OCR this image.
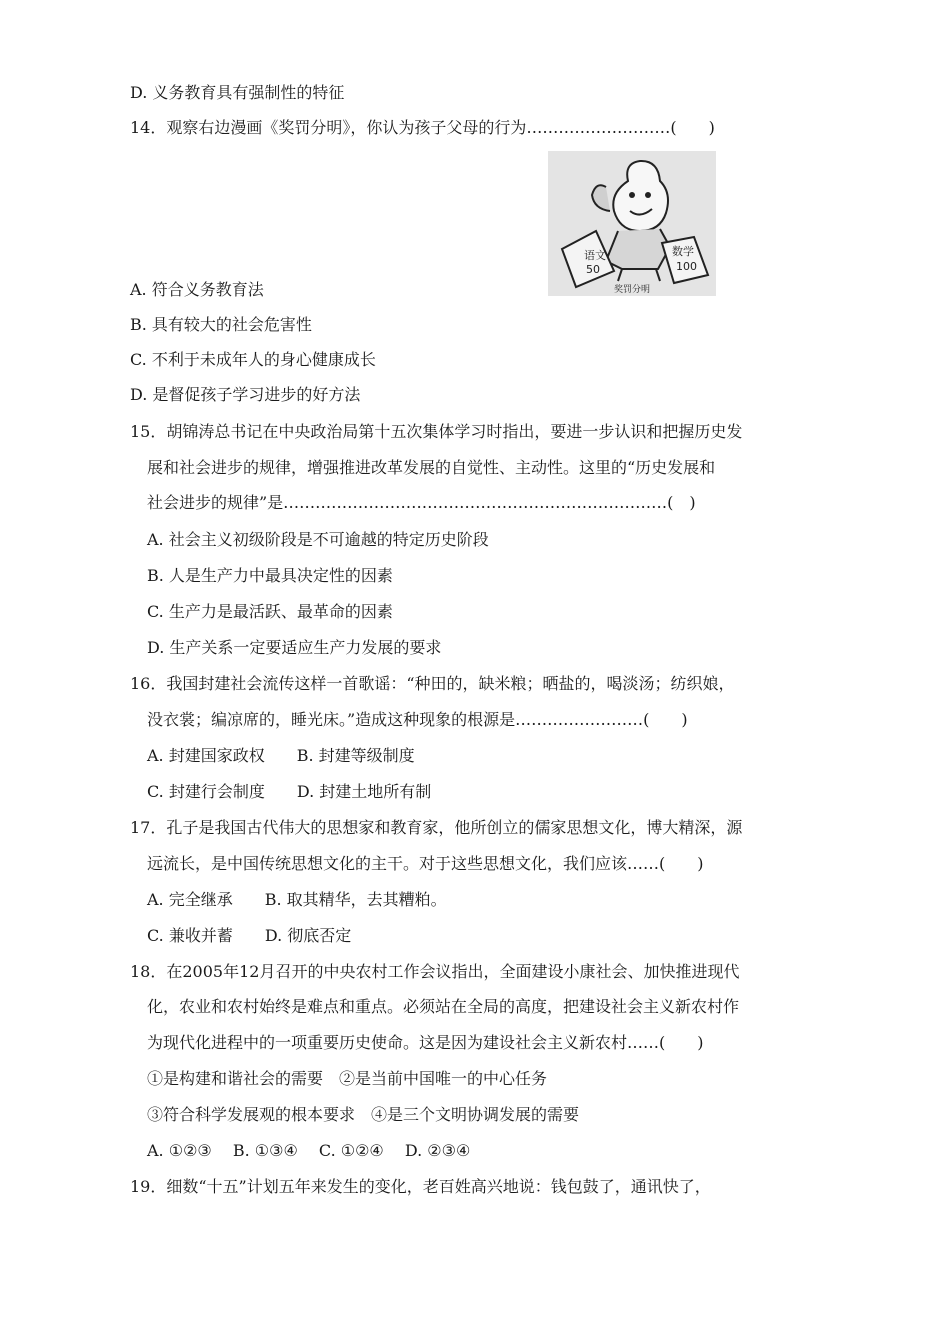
D. 义务教育具有强制性的特征
14．观察右边漫画《奖罚分明》，你认为孩子父母的行为………………………(　　)
语文
50
数学
100
奖罚分明
A. 符合义务教育法
B. 具有较大的社会危害性
C. 不利于未成年人的身心健康成长
D. 是督促孩子学习进步的好方法
15．胡锦涛总书记在中央政治局第十五次集体学习时指出，要进一步认识和把握历史发
展和社会进步的规律，增强推进改革发展的自觉性、主动性。这里的“历史发展和
社会进步的规律”是………………………………………………………………(　)
A. 社会主义初级阶段是不可逾越的特定历史阶段
B. 人是生产力中最具决定性的因素
C. 生产力是最活跃、最革命的因素
D. 生产关系一定要适应生产力发展的要求
16．我国封建社会流传这样一首歌谣：“种田的，缺米粮；晒盐的，喝淡汤；纺织娘，
没衣裳；编凉席的，睡光床。”造成这种现象的根源是……………………(　　)
A. 封建国家政权　　B. 封建等级制度
C. 封建行会制度　　D. 封建土地所有制
17．孔子是我国古代伟大的思想家和教育家，他所创立的儒家思想文化，博大精深，源
远流长，是中国传统思想文化的主干。对于这些思想文化，我们应该……(　　)
A. 完全继承　　B. 取其精华，去其糟粕。
C. 兼收并蓄　　D. 彻底否定
18．在2005年12月召开的中央农村工作会议指出，全面建设小康社会、加快推进现代
化，农业和农村始终是难点和重点。必须站在全局的高度，把建设社会主义新农村作
为现代化进程中的一项重要历史使命。这是因为建设社会主义新农村……(　　)
①是构建和谐社会的需要　②是当前中国唯一的中心任务
③符合科学发展观的根本要求　④是三个文明协调发展的需要
A. ①②③　 B. ①③④　 C. ①②④　 D. ②③④
19．细数“十五”计划五年来发生的变化，老百姓高兴地说：钱包鼓了，通讯快了，
